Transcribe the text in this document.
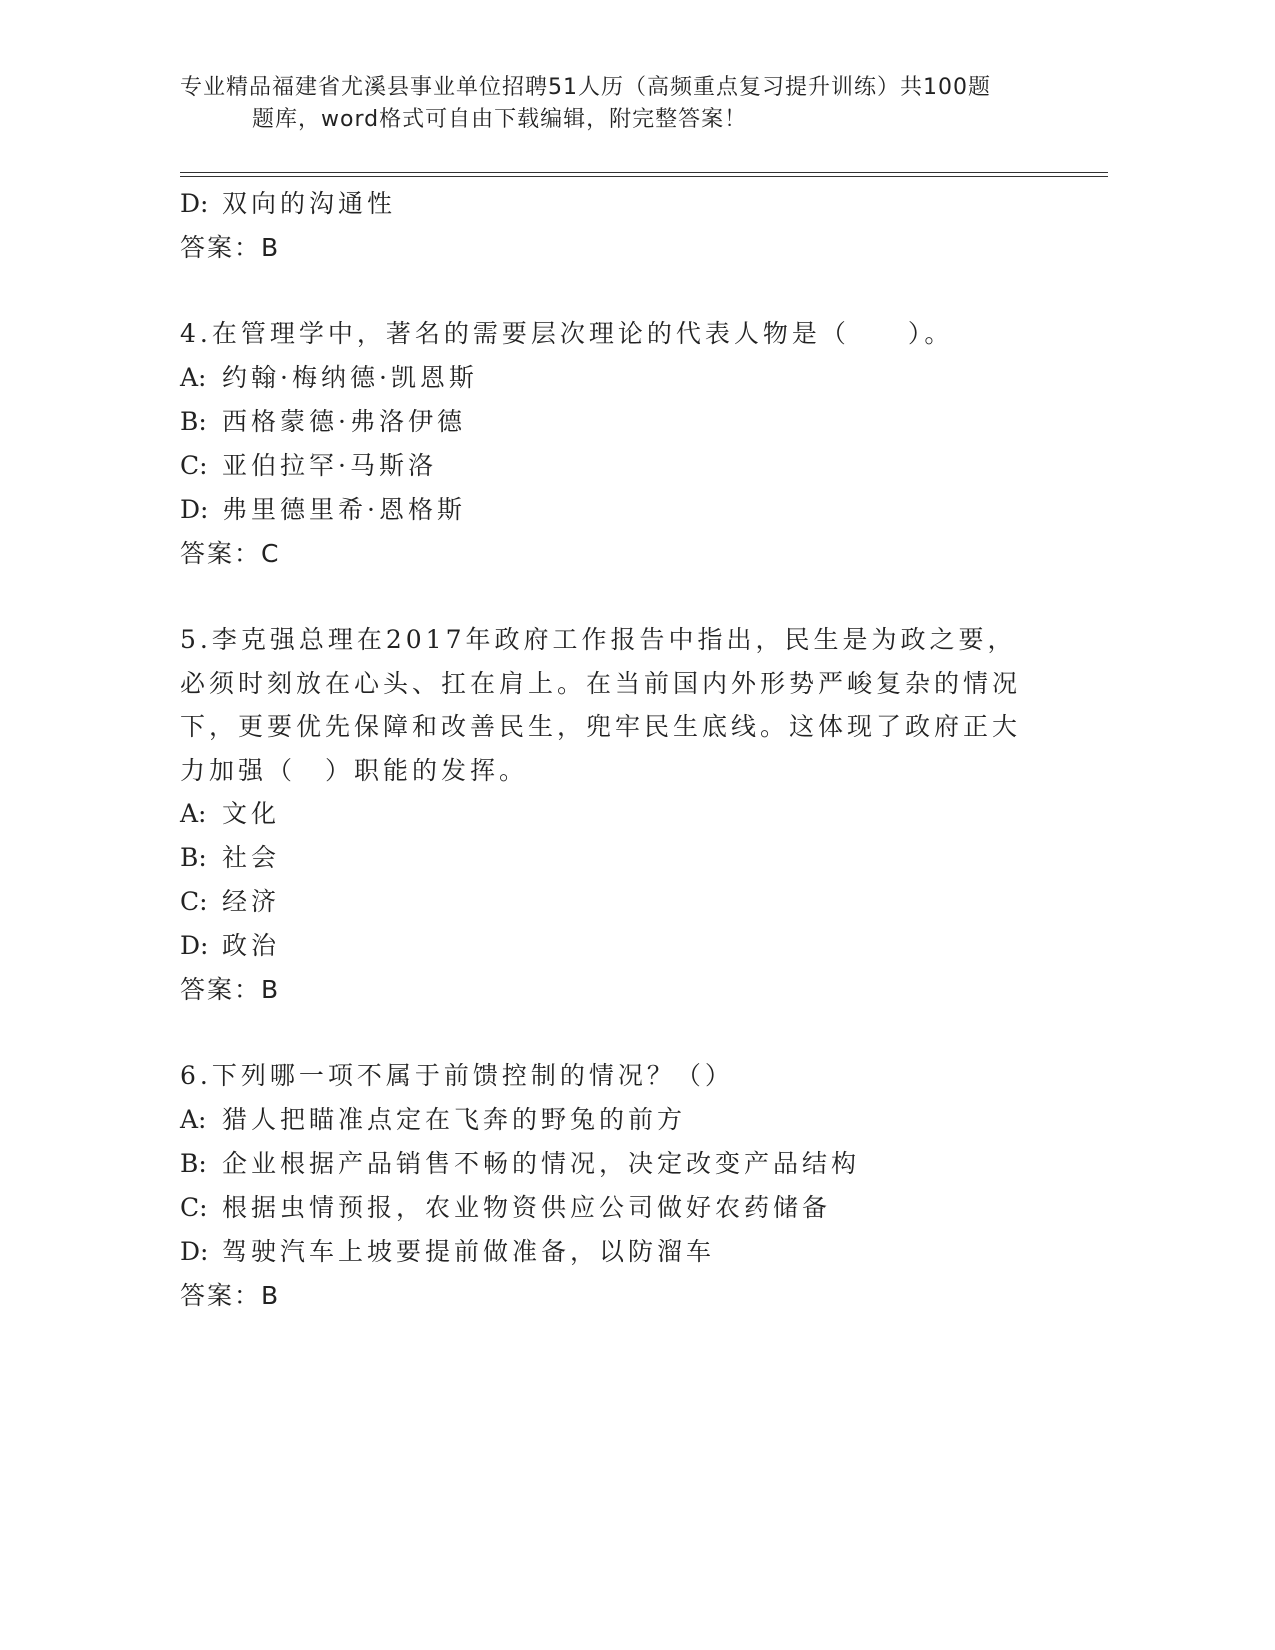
专业精品福建省尤溪县事业单位招聘51人历（高频重点复习提升训练）共100题
题库，word格式可自由下载编辑，附完整答案！
D: 双向的沟通性
答案：B
4.在管理学中，著名的需要层次理论的代表人物是（　　）。
A: 约翰·梅纳德·凯恩斯
B: 西格蒙德·弗洛伊德
C: 亚伯拉罕·马斯洛
D: 弗里德里希·恩格斯
答案：C
5.李克强总理在2017年政府工作报告中指出，民生是为政之要，必须时刻放在心头、扛在肩上。在当前国内外形势严峻复杂的情况下，更要优先保障和改善民生，兜牢民生底线。这体现了政府正大力加强（　）职能的发挥。
A: 文化
B: 社会
C: 经济
D: 政治
答案：B
6.下列哪一项不属于前馈控制的情况？（）
A: 猎人把瞄准点定在飞奔的野兔的前方
B: 企业根据产品销售不畅的情况，决定改变产品结构
C: 根据虫情预报，农业物资供应公司做好农药储备
D: 驾驶汽车上坡要提前做准备，以防溜车
答案：B
